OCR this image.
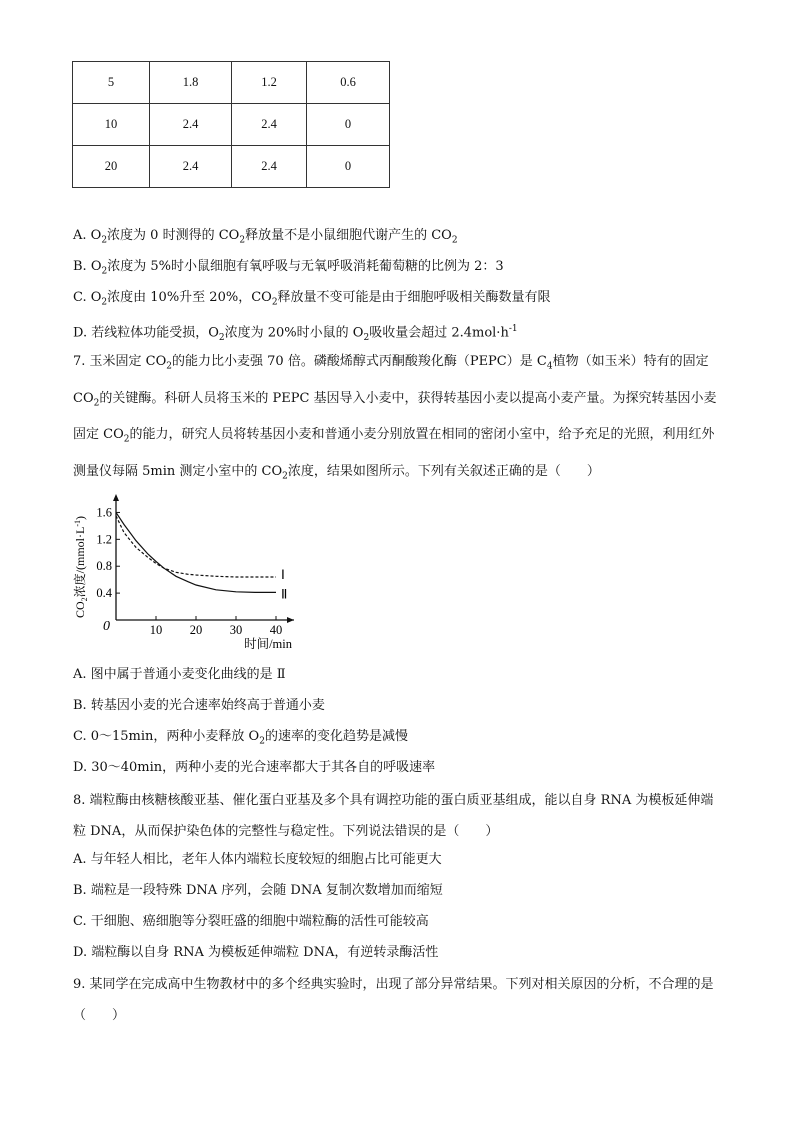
5	1.8	1.2	0.6
10	2.4	2.4	0
20	2.4	2.4	0
A. $O_2$浓度为 0 时测得的 $CO_2$释放量不是小鼠细胞代谢产生的 $CO_2$
B. $O_2$浓度为 5%时小鼠细胞有氧呼吸与无氧呼吸消耗葡萄糖的比例为 2：3
C. $O_2$浓度由 10%升至 20%，$CO_2$释放量不变可能是由于细胞呼吸相关酶数量有限
D. 若线粒体功能受损，$O_2$浓度为 20%时小鼠的 $O_2$吸收量会超过 $2.4mol\cdot h^{-1}$
7. 玉米固定 $CO_2$的能力比小麦强 70 倍。磷酸烯醇式丙酮酸羧化酶（PEPC）是 $C_4$植物（如玉米）特有的固定 $CO_2$的关键酶。科研人员将玉米的 PEPC 基因导入小麦中，获得转基因小麦以提高小麦产量。为探究转基因小麦固定 $CO_2$的能力，研究人员将转基因小麦和普通小麦分别放置在相同的密闭小室中，给予充足的光照，利用红外测量仪每隔 5min 测定小室中的 $CO_2$浓度，结果如图所示。下列有关叙述正确的是（　　）
10 20 30 40
0.4
0.8
1.2
1.6
0
时间/min
$CO_2$浓度$/(mmol\cdot L^{-1})$
Ⅰ
Ⅱ
A. 图中属于普通小麦变化曲线的是 Ⅱ
B. 转基因小麦的光合速率始终高于普通小麦
C. 0～15min，两种小麦释放 $O_2$的速率的变化趋势是减慢
D. 30～40min，两种小麦的光合速率都大于其各自的呼吸速率
8. 端粒酶由核糖核酸亚基、催化蛋白亚基及多个具有调控功能的蛋白质亚基组成，能以自身 RNA 为模板延伸端粒 DNA，从而保护染色体的完整性与稳定性。下列说法错误的是（　　）
A. 与年轻人相比，老年人体内端粒长度较短的细胞占比可能更大
B. 端粒是一段特殊 DNA 序列，会随 DNA 复制次数增加而缩短
C. 干细胞、癌细胞等分裂旺盛的细胞中端粒酶的活性可能较高
D. 端粒酶以自身 RNA 为模板延伸端粒 DNA，有逆转录酶活性
9. 某同学在完成高中生物教材中的多个经典实验时，出现了部分异常结果。下列对相关原因的分析，不合理的是（　　）
